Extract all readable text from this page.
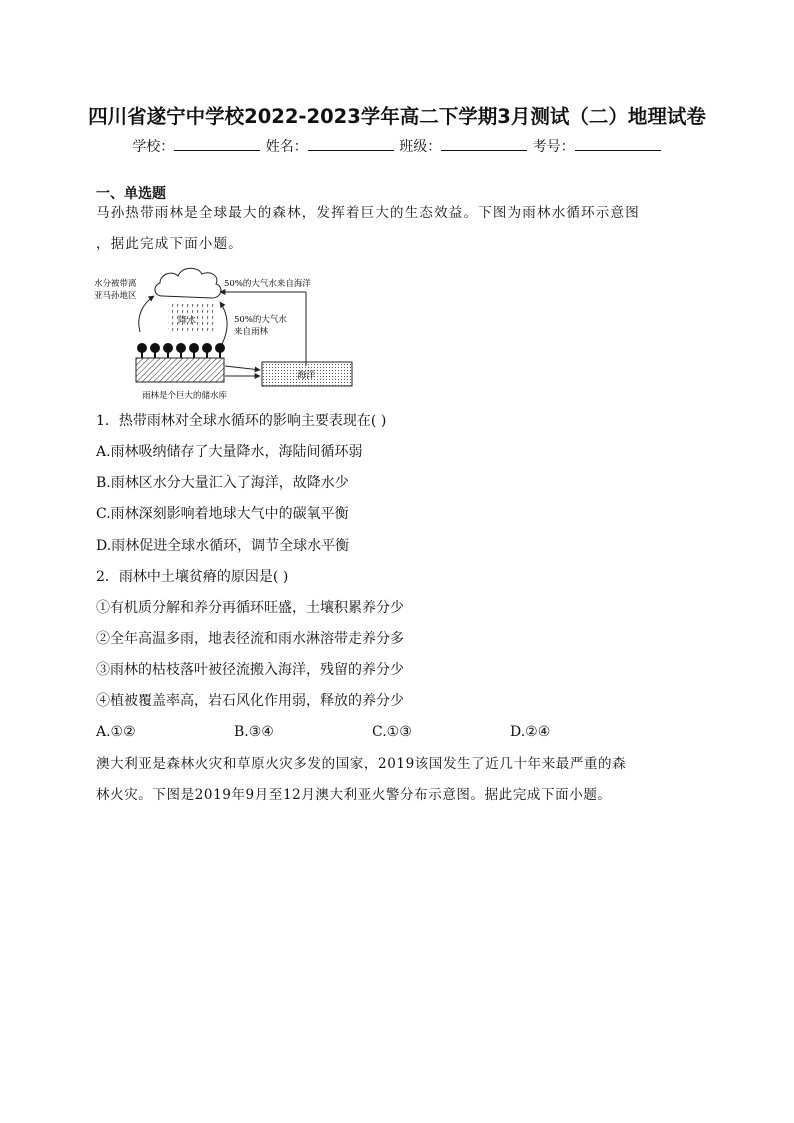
四川省遂宁中学校2022-2023学年高二下学期3月测试（二）地理试卷
学校：	姓名：	班级：	考号：
一、单选题
马孙热带雨林是全球最大的森林，发挥着巨大的生态效益。下图为雨林水循环示意图
，据此完成下面小题。
降水
水分被带离
亚马孙地区
50%的大气水
来自雨林
50%的大气水来自海洋
海洋
雨林是个巨大的储水库
1．热带雨林对全球水循环的影响主要表现在( )
A.雨林吸纳储存了大量降水，海陆间循环弱
B.雨林区水分大量汇入了海洋，故降水少
C.雨林深刻影响着地球大气中的碳氧平衡
D.雨林促进全球水循环，调节全球水平衡
2．雨林中土壤贫瘠的原因是( )
①有机质分解和养分再循环旺盛，土壤积累养分少
②全年高温多雨，地表径流和雨水淋溶带走养分多
③雨林的枯枝落叶被径流搬入海洋，残留的养分少
④植被覆盖率高，岩石风化作用弱，释放的养分少
A.①②	B.③④	C.①③	D.②④
澳大利亚是森林火灾和草原火灾多发的国家，2019该国发生了近几十年来最严重的森
林火灾。下图是2019年9月至12月澳大利亚火警分布示意图。据此完成下面小题。
